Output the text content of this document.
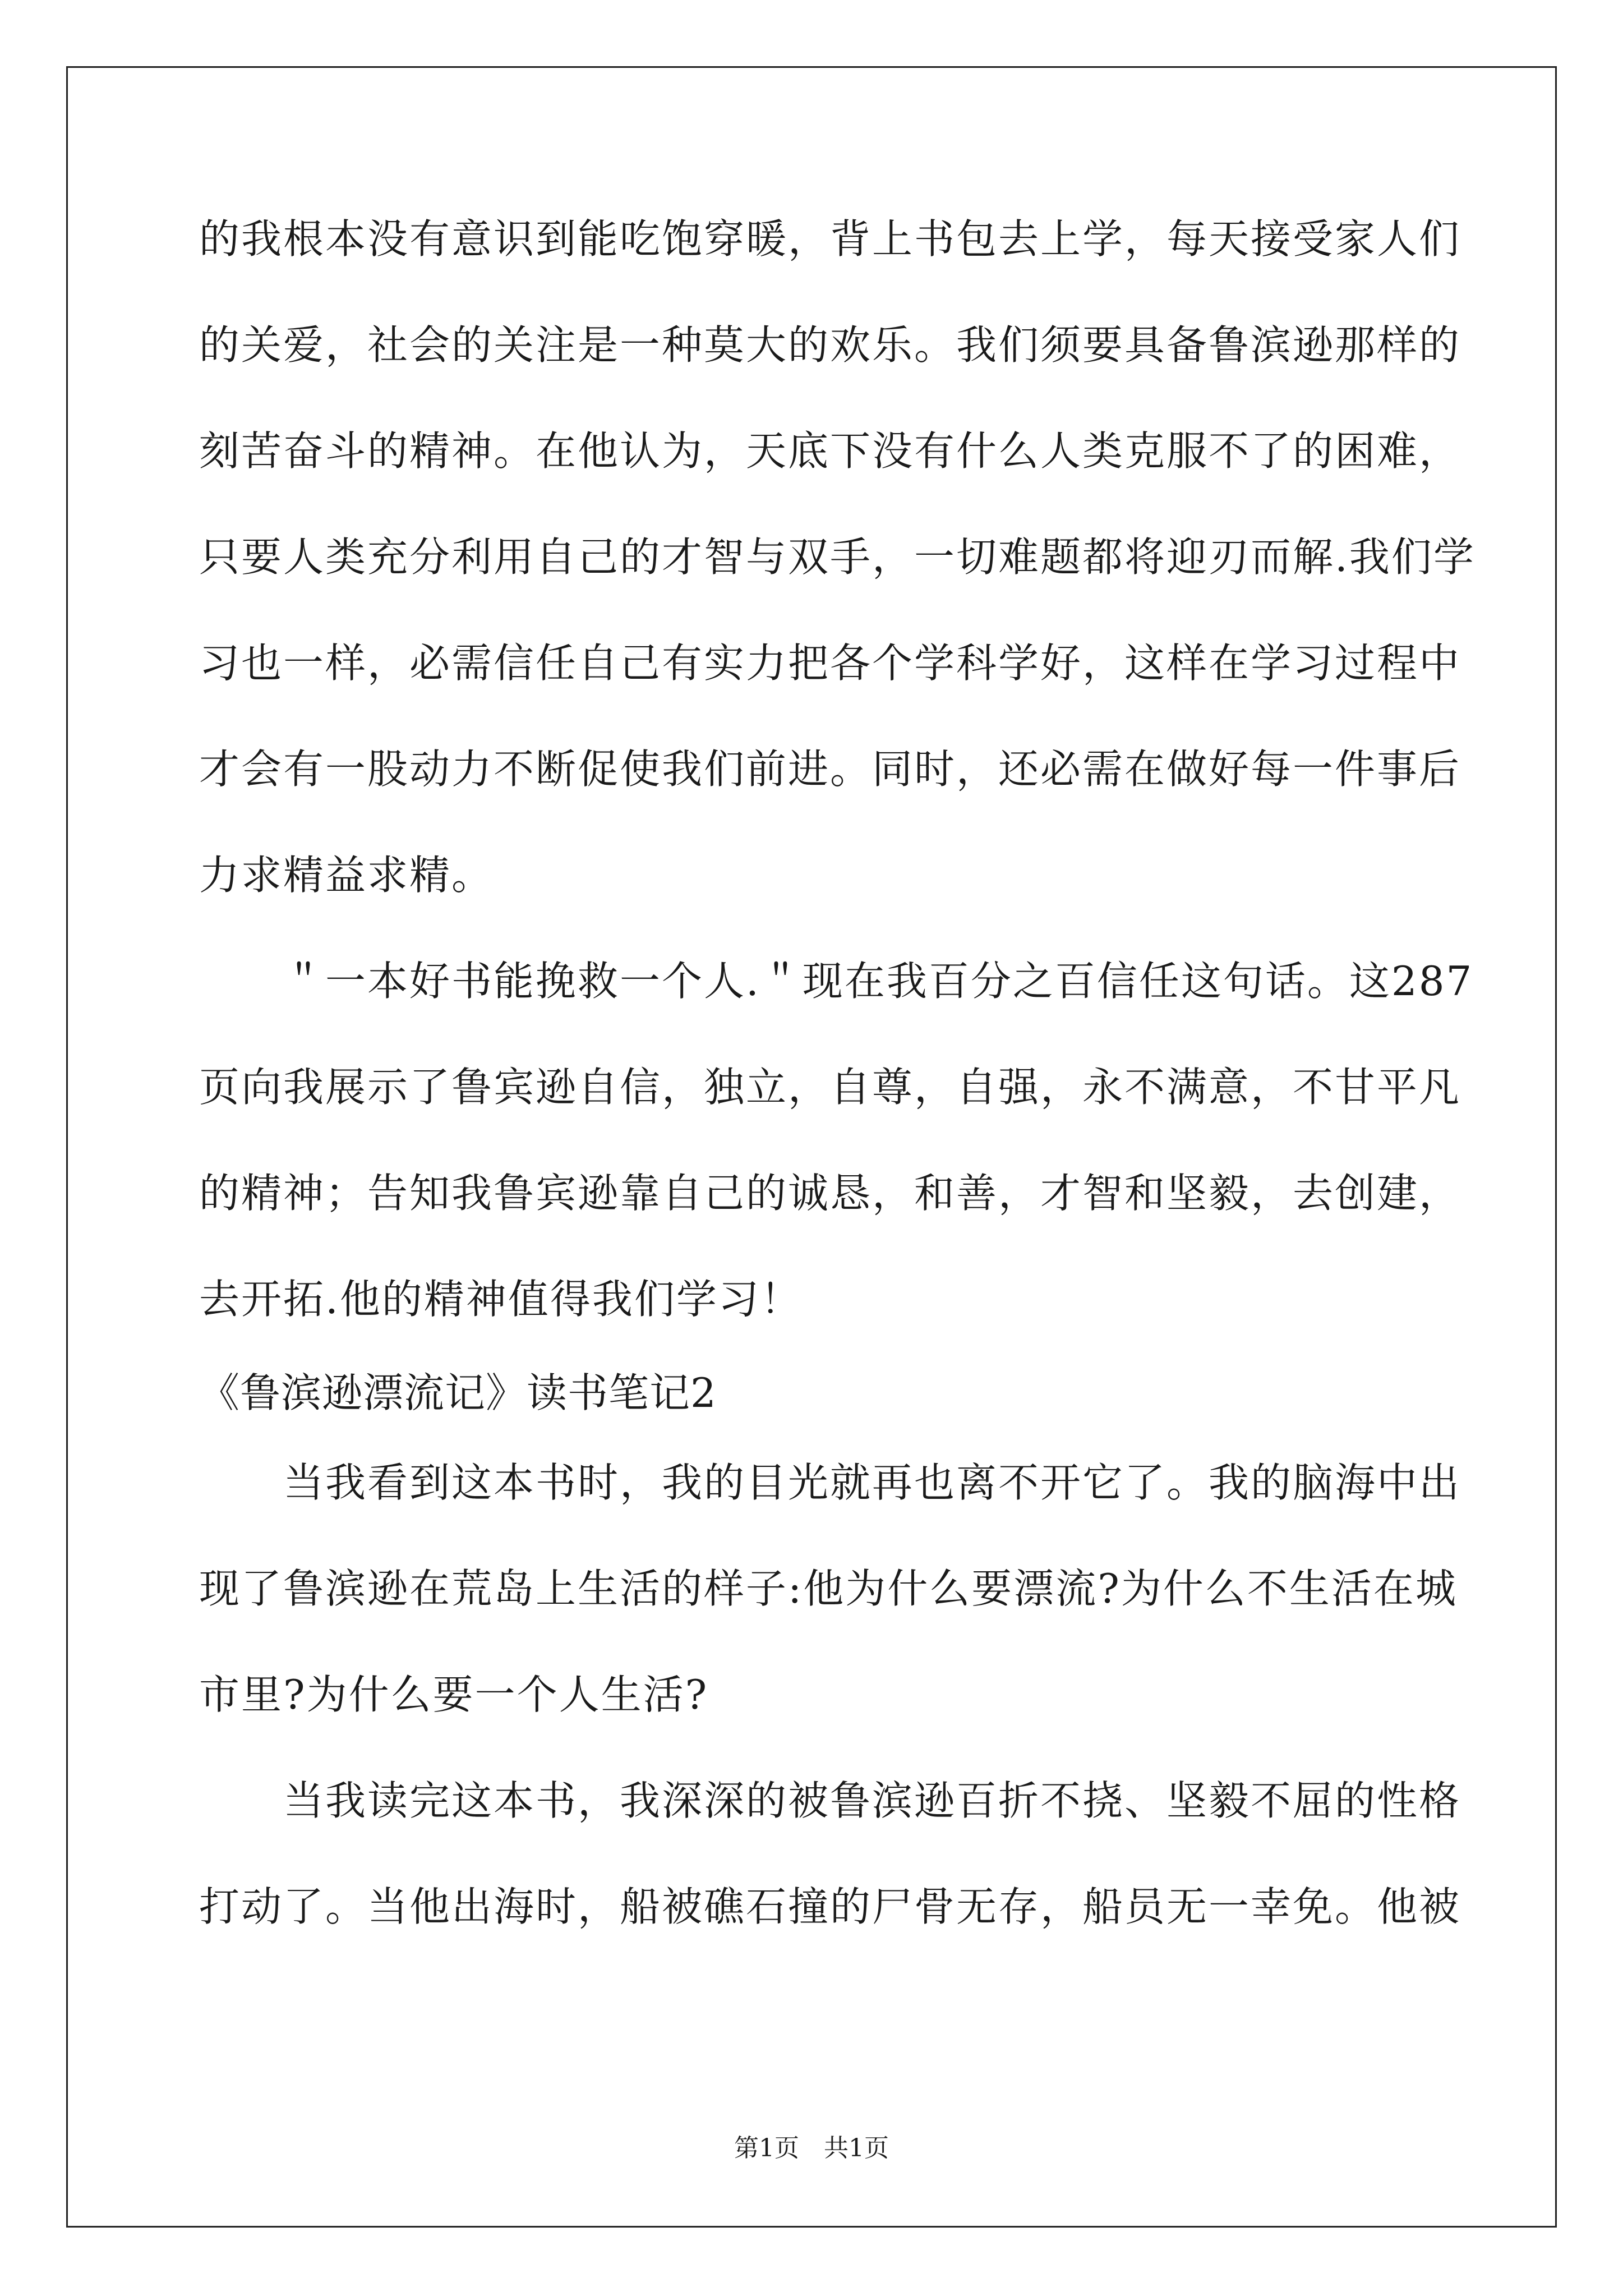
的我根本没有意识到能吃饱穿暖，背上书包去上学，每天接受家人们
的关爱，社会的关注是一种莫大的欢乐。我们须要具备鲁滨逊那样的
刻苦奋斗的精神。在他认为，天底下没有什么人类克服不了的困难，
只要人类充分利用自己的才智与双手，一切难题都将迎刃而解.我们学
习也一样，必需信任自己有实力把各个学科学好，这样在学习过程中
才会有一股动力不断促使我们前进。同时，还必需在做好每一件事后
力求精益求精。
　　＂一本好书能挽救一个人.＂现在我百分之百信任这句话。这287
页向我展示了鲁宾逊自信，独立，自尊，自强，永不满意，不甘平凡
的精神；告知我鲁宾逊靠自己的诚恳，和善，才智和坚毅，去创建，
去开拓.他的精神值得我们学习！
《鲁滨逊漂流记》读书笔记2
　　当我看到这本书时，我的目光就再也离不开它了。我的脑海中出
现了鲁滨逊在荒岛上生活的样子:他为什么要漂流?为什么不生活在城
市里?为什么要一个人生活?
　　当我读完这本书，我深深的被鲁滨逊百折不挠、坚毅不屈的性格
打动了。当他出海时，船被礁石撞的尸骨无存，船员无一幸免。他被
第1页　共1页
